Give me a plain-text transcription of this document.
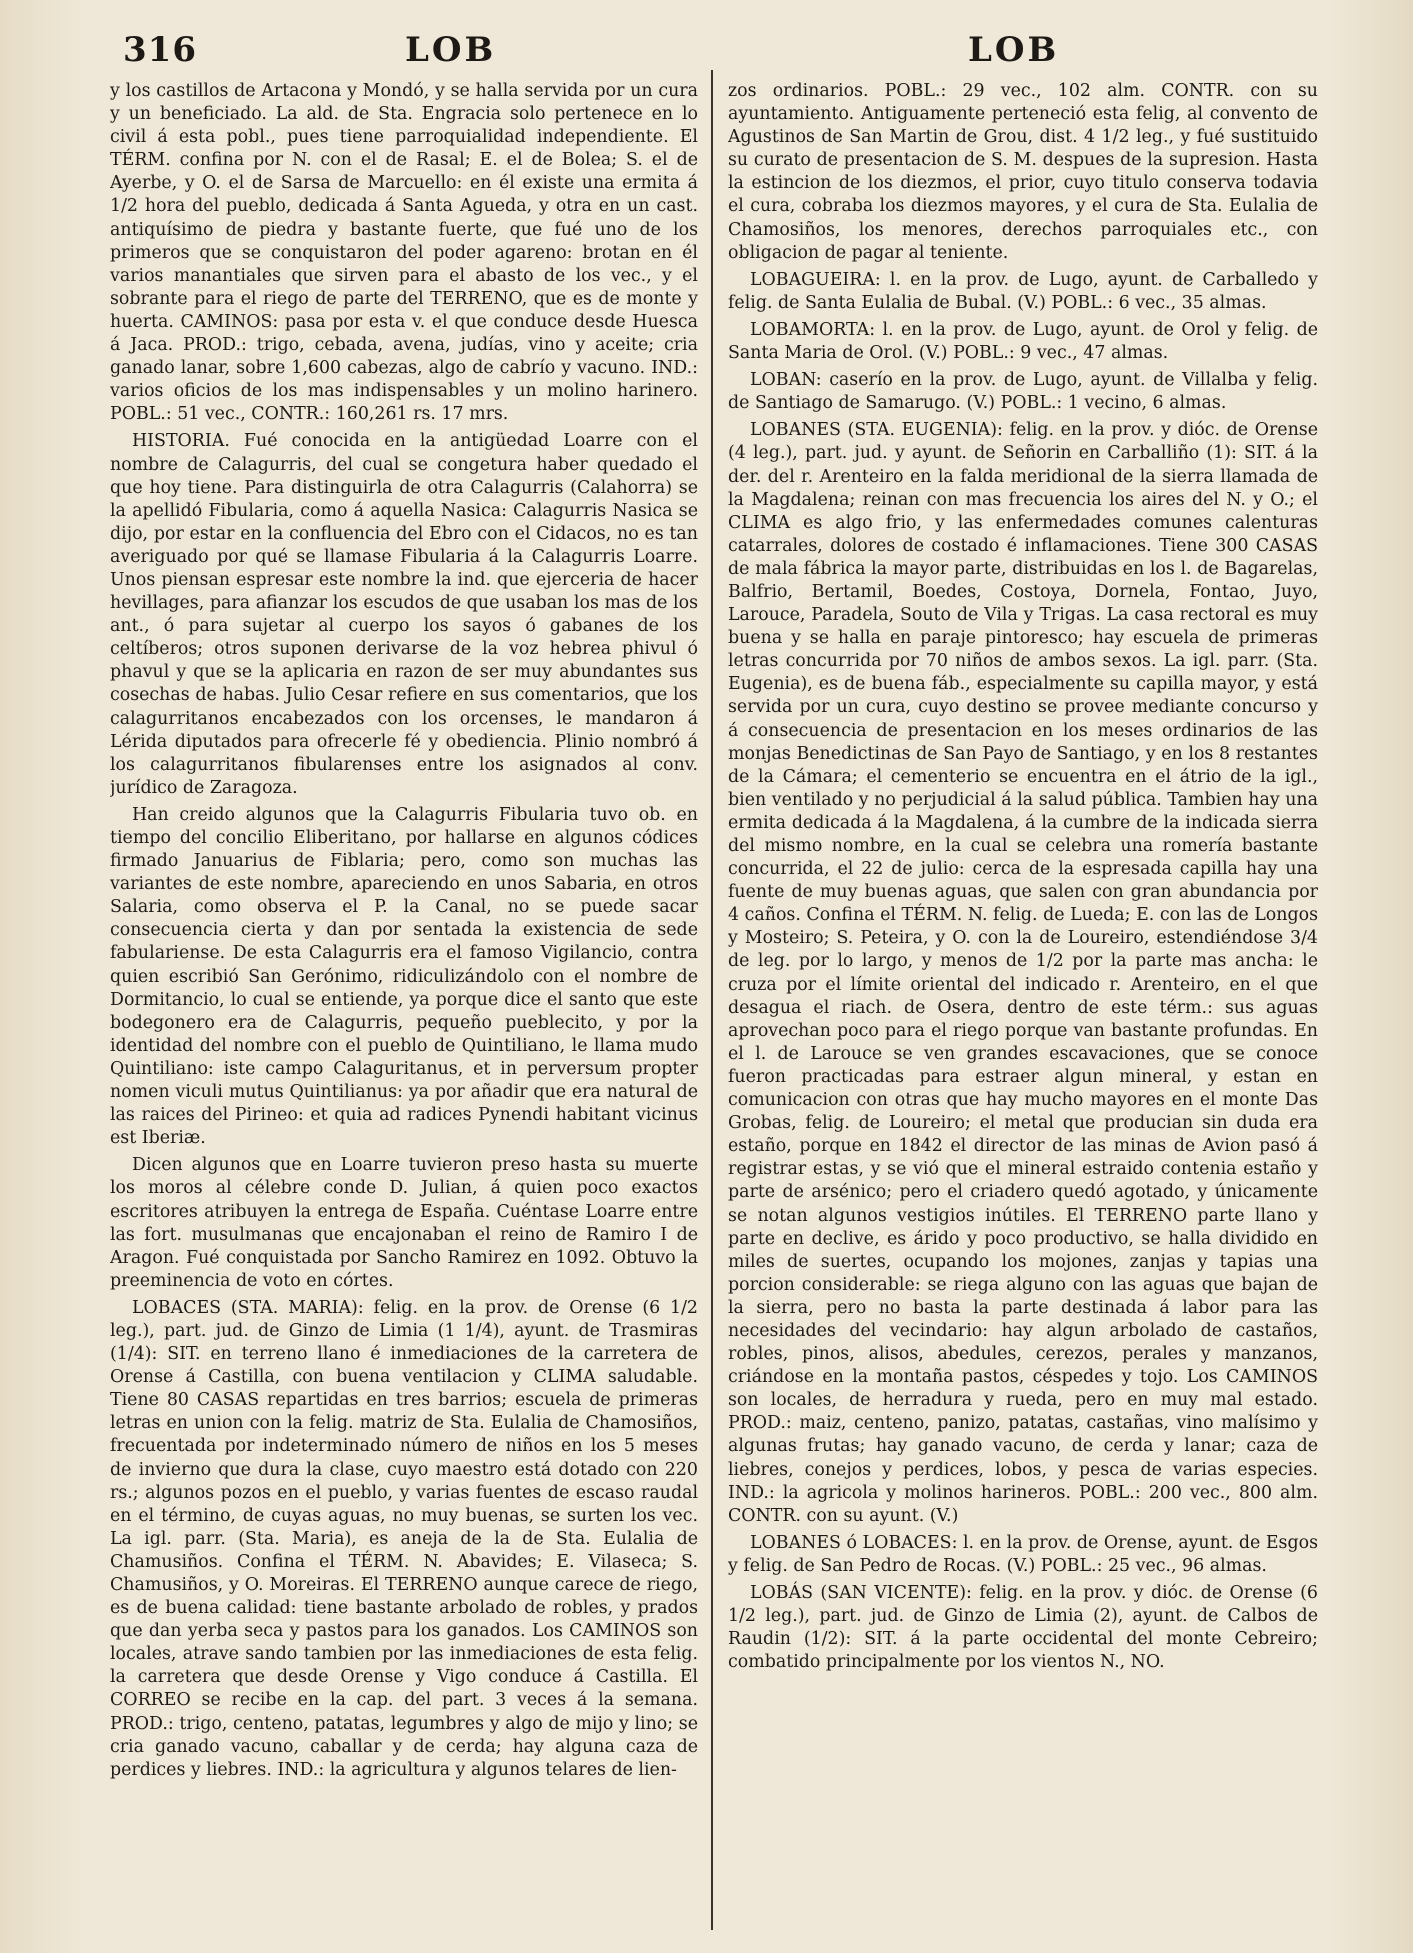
316	LOB	LOB

y los castillos de Artacona y Mondó, y se halla servida por un cura y un beneficiado. La ald. de Sta. Engracia solo pertenece en lo civil á esta pobl., pues tiene parroquialidad independiente. El TÉRM. confina por N. con el de Rasal; E. el de Bolea; S. el de Ayerbe, y O. el de Sarsa de Marcuello: en él existe una ermita á 1/2 hora del pueblo, dedicada á Santa Agueda, y otra en un cast. antiquísimo de piedra y bastante fuerte, que fué uno de los primeros que se conquistaron del poder agareno: brotan en él varios manantiales que sirven para el abasto de los vec., y el sobrante para el riego de parte del TERRENO, que es de monte y huerta. CAMINOS: pasa por esta v. el que conduce desde Huesca á Jaca. PROD.: trigo, cebada, avena, judías, vino y aceite; cria ganado lanar, sobre 1,600 cabezas, algo de cabrío y vacuno. IND.: varios oficios de los mas indispensables y un molino harinero. POBL.: 51 vec., CONTR.: 160,261 rs. 17 mrs.

HISTORIA. Fué conocida en la antigüedad Loarre con el nombre de Calagurris, del cual se congetura haber quedado el que hoy tiene. Para distinguirla de otra Calagurris (Calahorra) se la apellidó Fibularia, como á aquella Nasica: Calagurris Nasica se dijo, por estar en la confluencia del Ebro con el Cidacos, no es tan averiguado por qué se llamase Fibularia á la Calagurris Loarre. Unos piensan espresar este nombre la ind. que ejerceria de hacer hevillages, para afianzar los escudos de que usaban los mas de los ant., ó para sujetar al cuerpo los sayos ó gabanes de los celtíberos; otros suponen derivarse de la voz hebrea phivul ó phavul y que se la aplicaria en razon de ser muy abundantes sus cosechas de habas. Julio Cesar refiere en sus comentarios, que los calagurritanos encabezados con los orcenses, le mandaron á Lérida diputados para ofrecerle fé y obediencia. Plinio nombró á los calagurritanos fibularenses entre los asignados al conv. jurídico de Zaragoza.

Han creido algunos que la Calagurris Fibularia tuvo ob. en tiempo del concilio Eliberitano, por hallarse en algunos códices firmado Januarius de Fiblaria; pero, como son muchas las variantes de este nombre, apareciendo en unos Sabaria, en otros Salaria, como observa el P. la Canal, no se puede sacar consecuencia cierta y dan por sentada la existencia de sede fabulariense. De esta Calagurris era el famoso Vigilancio, contra quien escribió San Gerónimo, ridiculizándolo con el nombre de Dormitancio, lo cual se entiende, ya porque dice el santo que este bodegonero era de Calagurris, pequeño pueblecito, y por la identidad del nombre con el pueblo de Quintiliano, le llama mudo Quintiliano: iste campo Calaguritanus, et in perversum propter nomen viculi mutus Quintilianus: ya por añadir que era natural de las raices del Pirineo: et quia ad radices Pynendi habitant vicinus est Iberiæ.

Dicen algunos que en Loarre tuvieron preso hasta su muerte los moros al célebre conde D. Julian, á quien poco exactos escritores atribuyen la entrega de España. Cuéntase Loarre entre las fort. musulmanas que encajonaban el reino de Ramiro I de Aragon. Fué conquistada por Sancho Ramirez en 1092. Obtuvo la preeminencia de voto en córtes.

LOBACES (STA. MARIA): felig. en la prov. de Orense (6 1/2 leg.), part. jud. de Ginzo de Limia (1 1/4), ayunt. de Trasmiras (1/4): SIT. en terreno llano é inmediaciones de la carretera de Orense á Castilla, con buena ventilacion y CLIMA saludable. Tiene 80 CASAS repartidas en tres barrios; escuela de primeras letras en union con la felig. matriz de Sta. Eulalia de Chamosiños, frecuentada por indeterminado número de niños en los 5 meses de invierno que dura la clase, cuyo maestro está dotado con 220 rs.; algunos pozos en el pueblo, y varias fuentes de escaso raudal en el término, de cuyas aguas, no muy buenas, se surten los vec. La igl. parr. (Sta. Maria), es aneja de la de Sta. Eulalia de Chamusiños. Confina el TÉRM. N. Abavides; E. Vilaseca; S. Chamusiños, y O. Moreiras. El TERRENO aunque carece de riego, es de buena calidad: tiene bastante arbolado de robles, y prados que dan yerba seca y pastos para los ganados. Los CAMINOS son locales, atrave sando tambien por las inmediaciones de esta felig. la carretera que desde Orense y Vigo conduce á Castilla. El CORREO se recibe en la cap. del part. 3 veces á la semana. PROD.: trigo, centeno, patatas, legumbres y algo de mijo y lino; se cria ganado vacuno, caballar y de cerda; hay alguna caza de perdices y liebres. IND.: la agricultura y algunos telares de lien-

zos ordinarios. POBL.: 29 vec., 102 alm. CONTR. con su ayuntamiento. Antiguamente perteneció esta felig, al convento de Agustinos de San Martin de Grou, dist. 4 1/2 leg., y fué sustituido su curato de presentacion de S. M. despues de la supresion. Hasta la estincion de los diezmos, el prior, cuyo titulo conserva todavia el cura, cobraba los diezmos mayores, y el cura de Sta. Eulalia de Chamosiños, los menores, derechos parroquiales etc., con obligacion de pagar al teniente.

LOBAGUEIRA: l. en la prov. de Lugo, ayunt. de Carballedo y felig. de Santa Eulalia de Bubal. (V.) POBL.: 6 vec., 35 almas.

LOBAMORTA: l. en la prov. de Lugo, ayunt. de Orol y felig. de Santa Maria de Orol. (V.) POBL.: 9 vec., 47 almas.

LOBAN: caserío en la prov. de Lugo, ayunt. de Villalba y felig. de Santiago de Samarugo. (V.) POBL.: 1 vecino, 6 almas.

LOBANES (STA. EUGENIA): felig. en la prov. y dióc. de Orense (4 leg.), part. jud. y ayunt. de Señorin en Carballiño (1): SIT. á la der. del r. Arenteiro en la falda meridional de la sierra llamada de la Magdalena; reinan con mas frecuencia los aires del N. y O.; el CLIMA es algo frio, y las enfermedades comunes calenturas catarrales, dolores de costado é inflamaciones. Tiene 300 CASAS de mala fábrica la mayor parte, distribuidas en los l. de Bagarelas, Balfrio, Bertamil, Boedes, Costoya, Dornela, Fontao, Juyo, Larouce, Paradela, Souto de Vila y Trigas. La casa rectoral es muy buena y se halla en paraje pintoresco; hay escuela de primeras letras concurrida por 70 niños de ambos sexos. La igl. parr. (Sta. Eugenia), es de buena fáb., especialmente su capilla mayor, y está servida por un cura, cuyo destino se provee mediante concurso y á consecuencia de presentacion en los meses ordinarios de las monjas Benedictinas de San Payo de Santiago, y en los 8 restantes de la Cámara; el cementerio se encuentra en el átrio de la igl., bien ventilado y no perjudicial á la salud pública. Tambien hay una ermita dedicada á la Magdalena, á la cumbre de la indicada sierra del mismo nombre, en la cual se celebra una romería bastante concurrida, el 22 de julio: cerca de la espresada capilla hay una fuente de muy buenas aguas, que salen con gran abundancia por 4 caños. Confina el TÉRM. N. felig. de Lueda; E. con las de Longos y Mosteiro; S. Peteira, y O. con la de Loureiro, estendiéndose 3/4 de leg. por lo largo, y menos de 1/2 por la parte mas ancha: le cruza por el límite oriental del indicado r. Arenteiro, en el que desagua el riach. de Osera, dentro de este térm.: sus aguas aprovechan poco para el riego porque van bastante profundas. En el l. de Larouce se ven grandes escavaciones, que se conoce fueron practicadas para estraer algun mineral, y estan en comunicacion con otras que hay mucho mayores en el monte Das Grobas, felig. de Loureiro; el metal que producian sin duda era estaño, porque en 1842 el director de las minas de Avion pasó á registrar estas, y se vió que el mineral estraido contenia estaño y parte de arsénico; pero el criadero quedó agotado, y únicamente se notan algunos vestigios inútiles. El TERRENO parte llano y parte en declive, es árido y poco productivo, se halla dividido en miles de suertes, ocupando los mojones, zanjas y tapias una porcion considerable: se riega alguno con las aguas que bajan de la sierra, pero no basta la parte destinada á labor para las necesidades del vecindario: hay algun arbolado de castaños, robles, pinos, alisos, abedules, cerezos, perales y manzanos, criándose en la montaña pastos, céspedes y tojo. Los CAMINOS son locales, de herradura y rueda, pero en muy mal estado. PROD.: maiz, centeno, panizo, patatas, castañas, vino malísimo y algunas frutas; hay ganado vacuno, de cerda y lanar; caza de liebres, conejos y perdices, lobos, y pesca de varias especies. IND.: la agricola y molinos harineros. POBL.: 200 vec., 800 alm. CONTR. con su ayunt. (V.)

LOBANES ó LOBACES: l. en la prov. de Orense, ayunt. de Esgos y felig. de San Pedro de Rocas. (V.) POBL.: 25 vec., 96 almas.

LOBÁS (SAN VICENTE): felig. en la prov. y dióc. de Orense (6 1/2 leg.), part. jud. de Ginzo de Limia (2), ayunt. de Calbos de Raudin (1/2): SIT. á la parte occidental del monte Cebreiro; combatido principalmente por los vientos N., NO.
